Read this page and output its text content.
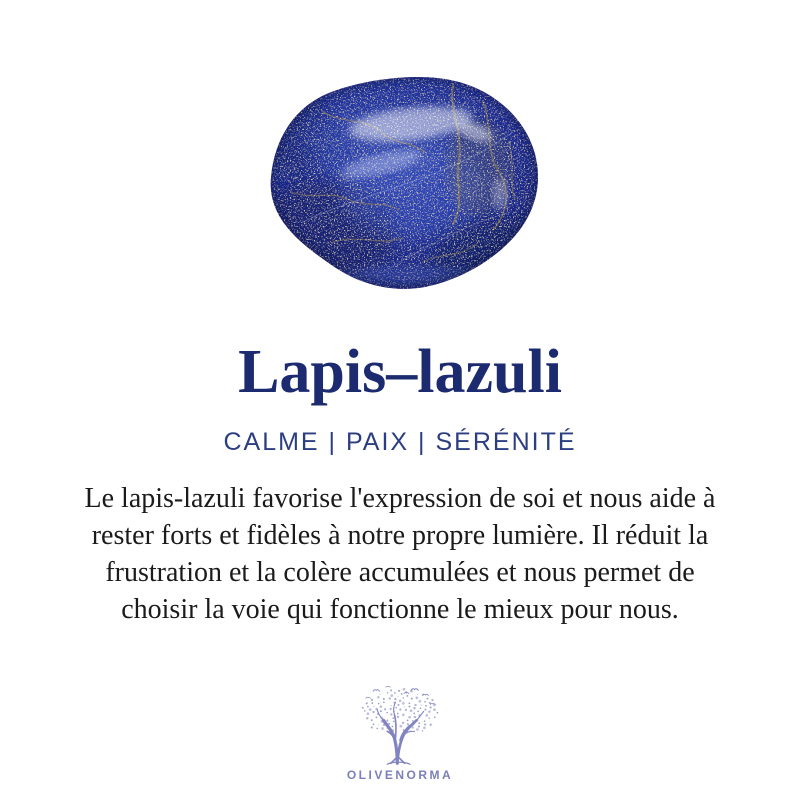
Lapis–lazuli
CALME | PAIX | SÉRÉNITÉ
Le lapis-lazuli favorise l'expression de soi et nous aide à
rester forts et fidèles à notre propre lumière. Il réduit la
frustration et la colère accumulées et nous permet de
choisir la voie qui fonctionne le mieux pour nous.
OLIVENORMA
